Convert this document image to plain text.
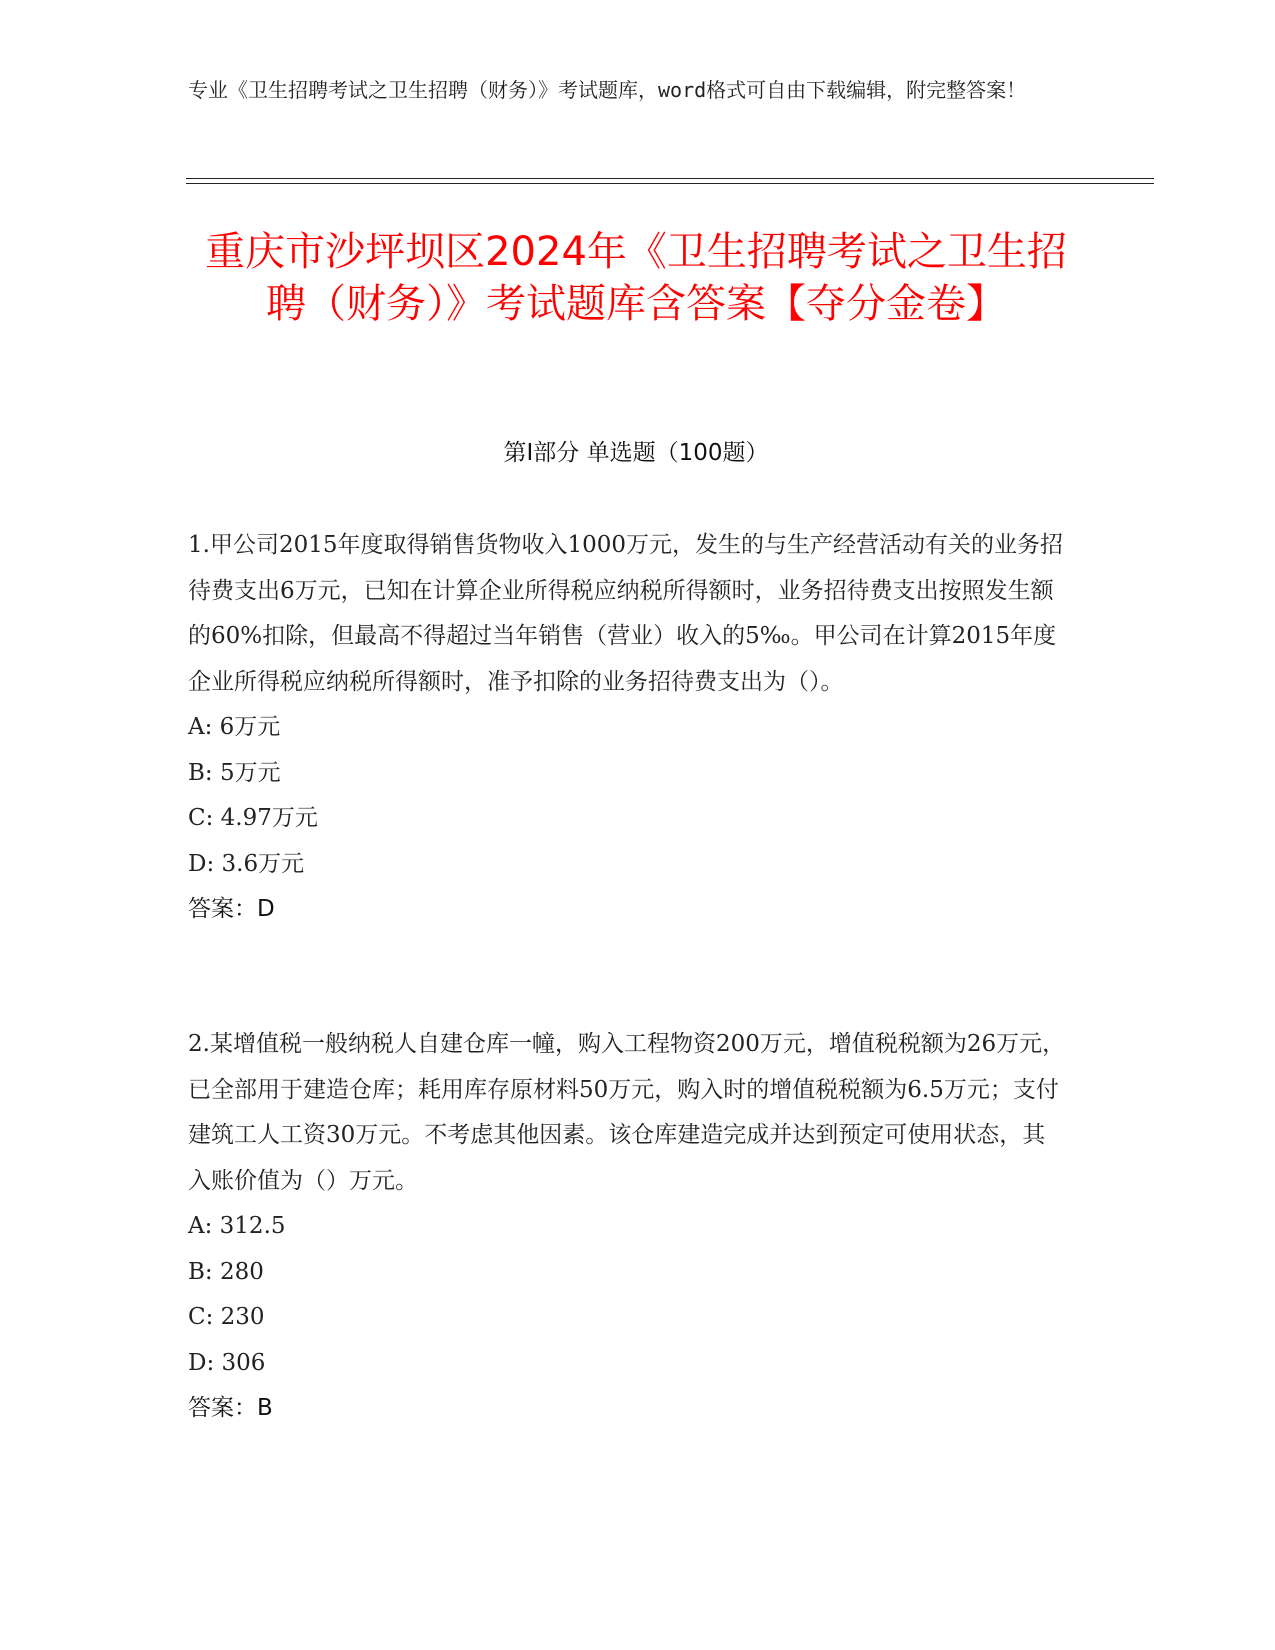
专业《卫生招聘考试之卫生招聘（财务）》考试题库，word格式可自由下载编辑，附完整答案！
重庆市沙坪坝区2024年《卫生招聘考试之卫生招聘（财务）》考试题库含答案【夺分金卷】
第I部分 单选题（100题）
1.甲公司2015年度取得销售货物收入1000万元，发生的与生产经营活动有关的业务招待费支出6万元，已知在计算企业所得税应纳税所得额时，业务招待费支出按照发生额的60%扣除，但最高不得超过当年销售（营业）收入的5‰。甲公司在计算2015年度企业所得税应纳税所得额时，准予扣除的业务招待费支出为（）。
A: 6万元
B: 5万元
C: 4.97万元
D: 3.6万元
答案：D
2.某增值税一般纳税人自建仓库一幢，购入工程物资200万元，增值税税额为26万元，已全部用于建造仓库；耗用库存原材料50万元，购入时的增值税税额为6.5万元；支付建筑工人工资30万元。不考虑其他因素。该仓库建造完成并达到预定可使用状态，其入账价值为（）万元。
A: 312.5
B: 280
C: 230
D: 306
答案：B
